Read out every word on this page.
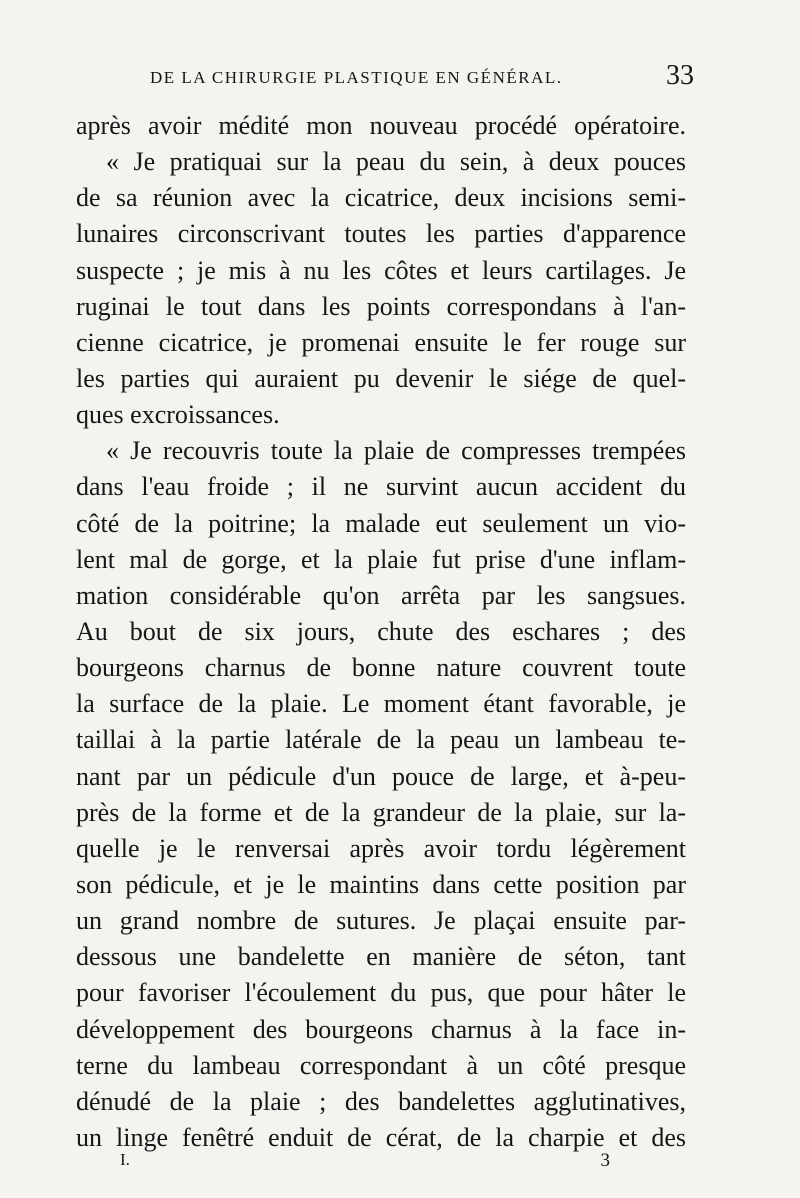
DE LA CHIRURGIE PLASTIQUE EN GÉNÉRAL.	33
après avoir médité mon nouveau procédé opératoire.
« Je pratiquai sur la peau du sein, à deux pouces
de sa réunion avec la cicatrice, deux incisions semi-
lunaires circonscrivant toutes les parties d'apparence
suspecte ; je mis à nu les côtes et leurs cartilages. Je
ruginai le tout dans les points correspondans à l'an-
cienne cicatrice, je promenai ensuite le fer rouge sur
les parties qui auraient pu devenir le siége de quel-
ques excroissances.
« Je recouvris toute la plaie de compresses trempées
dans l'eau froide ; il ne survint aucun accident du
côté de la poitrine; la malade eut seulement un vio-
lent mal de gorge, et la plaie fut prise d'une inflam-
mation considérable qu'on arrêta par les sangsues.
Au bout de six jours, chute des eschares ; des
bourgeons charnus de bonne nature couvrent toute
la surface de la plaie. Le moment étant favorable, je
taillai à la partie latérale de la peau un lambeau te-
nant par un pédicule d'un pouce de large, et à-peu-
près de la forme et de la grandeur de la plaie, sur la-
quelle je le renversai après avoir tordu légèrement
son pédicule, et je le maintins dans cette position par
un grand nombre de sutures. Je plaçai ensuite par-
dessous une bandelette en manière de séton, tant
pour favoriser l'écoulement du pus, que pour hâter le
développement des bourgeons charnus à la face in-
terne du lambeau correspondant à un côté presque
dénudé de la plaie ; des bandelettes agglutinatives,
un linge fenêtré enduit de cérat, de la charpie et des
I.	3
